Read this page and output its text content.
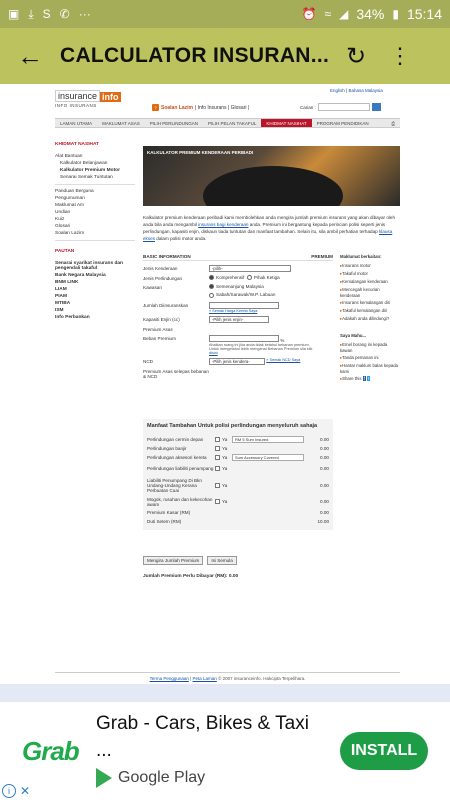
▣ ⤓ S ✆ ···	⏰ ≈ ◢ 34% ▮ 15:14
← CALCULATOR INSURAN... ↻	⋮
insurance info
INFO INSURANS
English | Bahasa Malaysia
? Soalan Lazim | Info Insurans | Glosari |	Carian :
LAMAN UTAMA	MAKLUMAT ASAS	PILIH PERLINDUNGAN	PILIH PELAN TAKAFUL	KHIDMAT NASIHAT	PROGRAM PENDIDIKAN	⎙
KHIDMAT NASIHAT
Alat Bantuan
Kalkulator Belanjawan
Kalkulator Premium Motor
Senarai Semak Tuntutan
Panduan Berguna
Pengumuman
Maklumat Am
Undian
Kuiz
Glosari
Soalan Lazim
PAUTAN
Senarai syarikat insurans dan pengendali takaful
Bank Negara Malaysia
BNM LINK
LIAM
PIAM
MTIBA
ISM
Info Perbankan
KALKULATOR PREMIUM KENDERAAN PERIBADI
Kalkulator premium kenderaan peribadi kami membolehkan anda mengira jumlah premium insurans yang akan dibayar oleh anda bila anda mengambil insurans bagi kenderaan anda. Premium ini bergantung kepada perincian polisi seperti jenis perlindungan, kapasiti enjin, diskaun tiada tuntutan dan manfaat tambahan. Selain itu, sila ambil perhatian terhadap klausa ekses dalam polisi motor anda.
BASIC INFORMATION	PREMIUM
Jenis Kenderaan	-pilih-
Jenis Perlindungan	Komprehensif Pihak Ketiga
Kawasan	Semenanjung Malaysia
Sabah/Sarawak/W.P. Labuan
Jumlah Diinsuranskan
» Semak Harga Kereta Saya
Kapasiti Enjin (cc)	-Pilih jenis enjin-
Premium Asas
Beban Premium	%
Abaikan ruang ini jika anda tidak ketahui bebanan premium. Untuk mengetahui lebih mengenai Bebanan Premium sila klik disini
NCD	-Pilih jenis kendera-
	» Semak NCD Saya
Premium Asas selepas bebanan & NCD
Maklumat berkaitan:
▸ Insurans motor
▸ Takaful motor
▸ Kemalangan kenderaan
▸ Mencegah kecurian kenderaan
▸ Insurans kemalangan diri
▸ Takaful kemalangan diri
▸ Adakah anda dilindungi?
Saya Mahu...
▸ Emel borang ini kepada kawan
▸ Tanda pemanan ini
▸ Hantar maklum balas kepada kami
▸ Share this f t
Manfaat Tambahan Untuk polisi perlindungan menyeluruh sahaja
Perlindungan cermin depan	Ya	RM 5 Sum Insured	0.00
Perlindungan banjir	Ya	0.00
Perlindungan aksesori kereta	Ya	Sum Accessory Covered	0.00
Perlindungan liabiliti penumpang	Ya	0.00
Liabiliti Penumpang Di Bkn Undang-Undang Kerana Perbuatan Cuai
Ya	0.00
Mogok, rusuhan dan kekecohan awam	Ya	0.00
Premium Kasar (RM)	0.00
Duti Setem (RM)	10.00
Mengira Jumlah Premium	Isi Semula
Jumlah Premium Perlu Dibayar (RM): 0.00
Terma Penggunaan | Peta Laman © 2007 insuranceinfo. Hakcipta Terpelihara.
Grab
Grab - Cars, Bikes & Taxi ...
Google Play
INSTALL
i ✕
